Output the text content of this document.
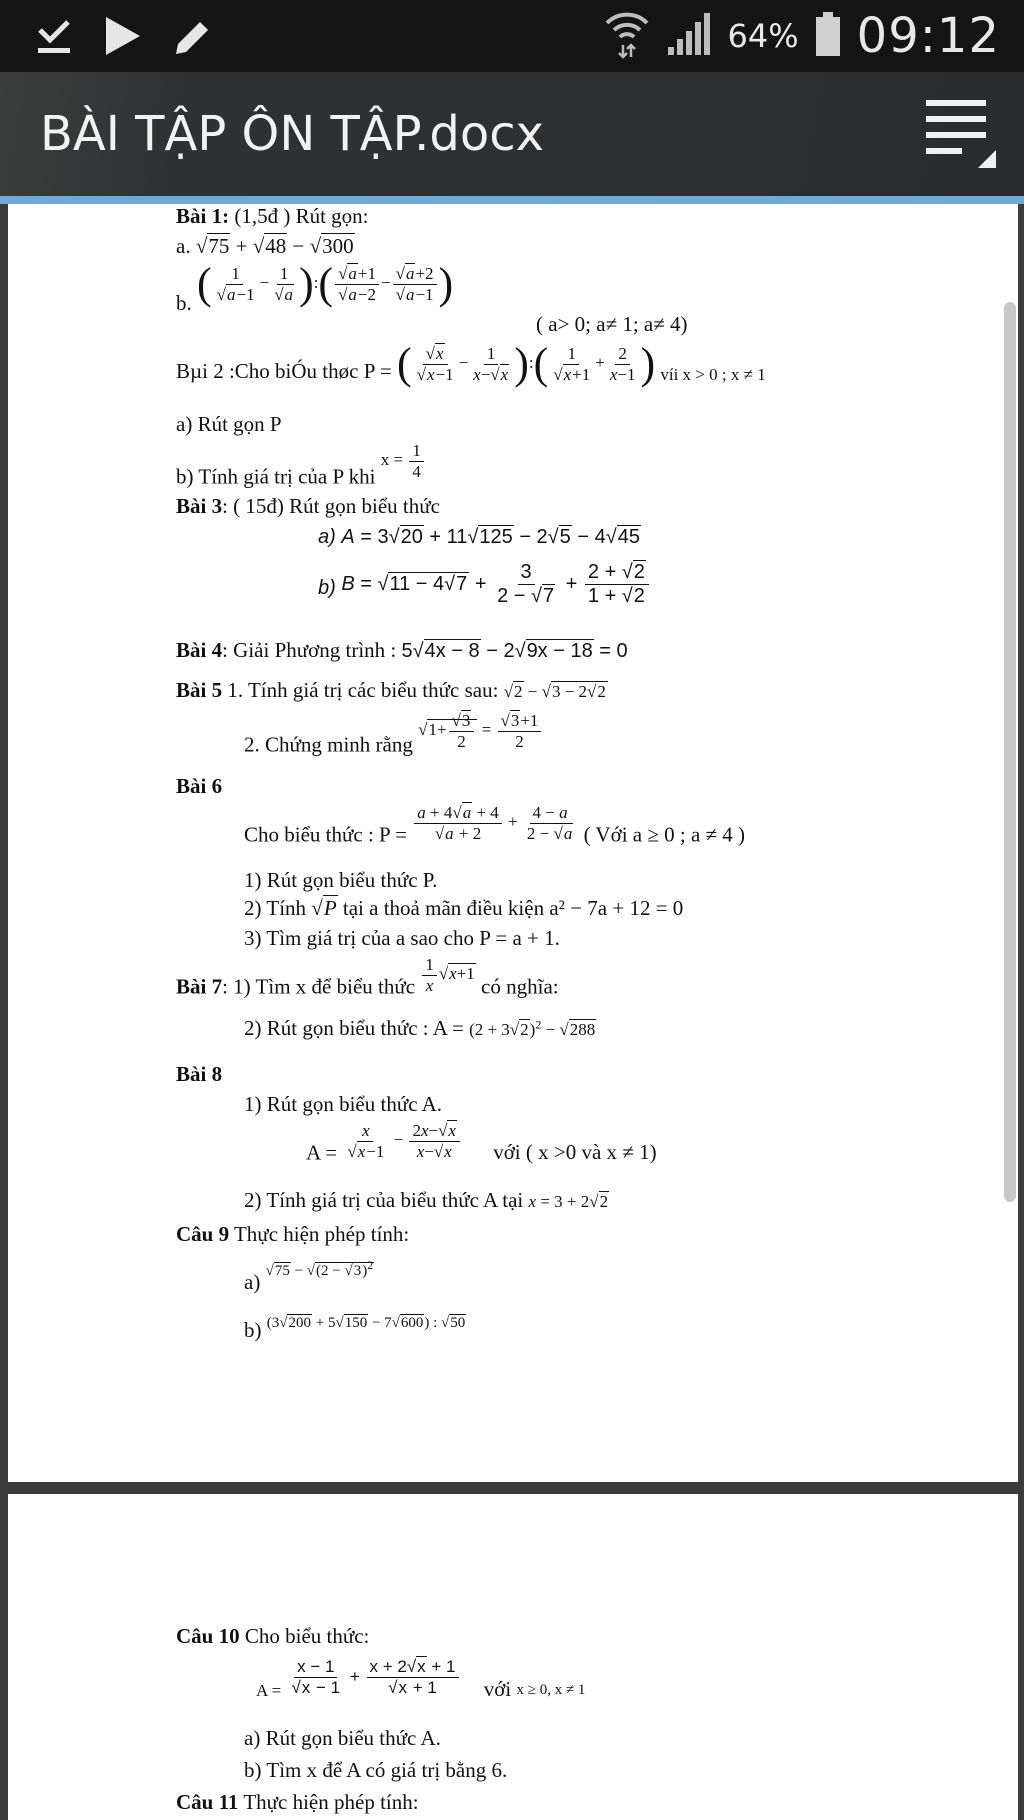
64% 09:12
BÀI TẬP ÔN TẬP.docx
Bài 1: (1,5đ ) Rút gọn:
a. √75 + √48 − √300
b. ( $\frac{1}{√a-1} - \frac{1}{√a}$ ):( $\frac{√a+1}{√a-2} - \frac{√a+2}{√a-1}$ )
( a> 0; a≠ 1; a≠ 4)
Bµi 2 :Cho biÓu thøc P = ( $\frac{√x}{√x-1} - \frac{1}{x-√x}$ ):( $\frac{1}{√x+1} + \frac{2}{x-1}$ ) $_{víi x > 0 ; x \ne 1}$
a) Rút gọn P
b) Tính giá trị của P khi $x = \frac{1}{4}$
Bài 3: ( 15đ) Rút gọn biểu thức
a) A = 3√20 + 11√125 − 2√5 − 4√45
b) $B = √11 - 4√7 + \frac{3}{2 - √7} + \frac{2 + √2}{1 + √2}$
Bài 4: Giải Phương trình : 5√4x − 8 − 2√9x − 18 = 0
Bài 5 1. Tính giá trị các biểu thức sau: √2 − √3 − 2√2
2. Chứng minh rằng $√1+ \frac{√3}{2} = \frac{√3+1}{2}$
Bài 6
Cho biểu thức : $P = \frac{a + 4√a + 4}{√a + 2} + \frac{4 - a}{2 - √a}$ ( Với a ≥ 0 ; a ≠ 4 )
1) Rút gọn biểu thức P.
2) Tính √P tại a thoả mãn điều kiện a² − 7a + 12 = 0
3) Tìm giá trị của a sao cho P = a + 1.
Bài 7: 1) Tìm x để biểu thức $\frac{1}{x} √x+1$ có nghĩa:
2) Rút gọn biểu thức : $A = (2 + 3√2)^2 - √288$
Bài 8
1) Rút gọn biểu thức A.
$A = \frac{x}{√x-1} - \frac{2x-√x}{x-√x}$ với ( x >0 và x ≠ 1)
2) Tính giá trị của biểu thức A tại x = 3 + 2√2
Câu 9 Thực hiện phép tính:
a) $√75 - √(2 - √3)^2$
b) (3√200 + 5√150 − 7√600) : √50
Câu 10 Cho biểu thức:
$_{A =} \frac{x - 1}{√x - 1} + \frac{x + 2√x + 1}{√x + 1}$ với $_{x \ge 0, x \ne 1}$
a) Rút gọn biểu thức A.
b) Tìm x để A có giá trị bằng 6.
Câu 11 Thực hiện phép tính:
